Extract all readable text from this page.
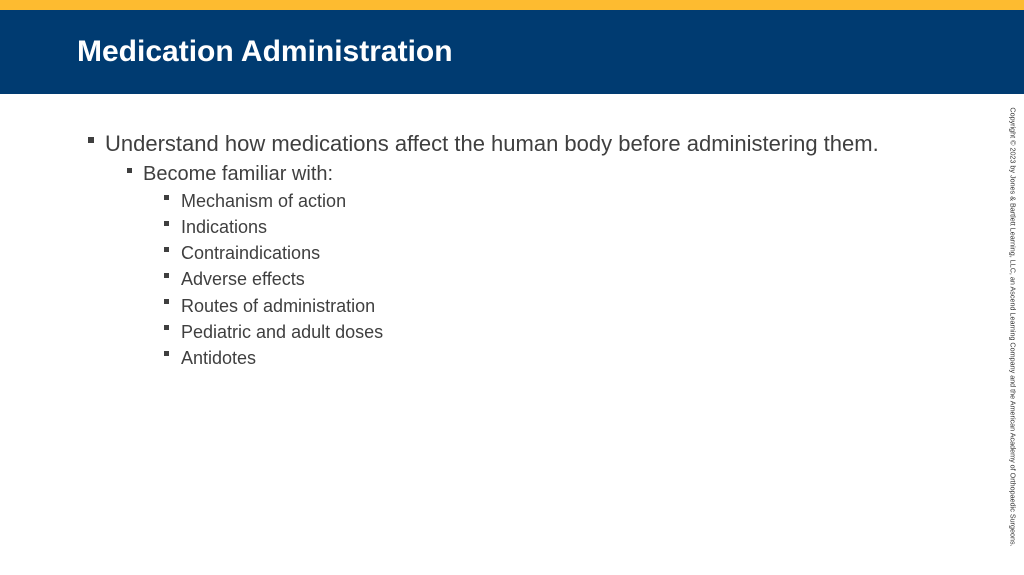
Medication Administration
Understand how medications affect the human body before administering them.
Become familiar with:
Mechanism of action
Indications
Contraindications
Adverse effects
Routes of administration
Pediatric and adult doses
Antidotes	Copyright © 2023 by Jones & Bartlett Learning, LLC, an Ascend Learning Company and the American Academy of Orthopaedic Surgeons.
